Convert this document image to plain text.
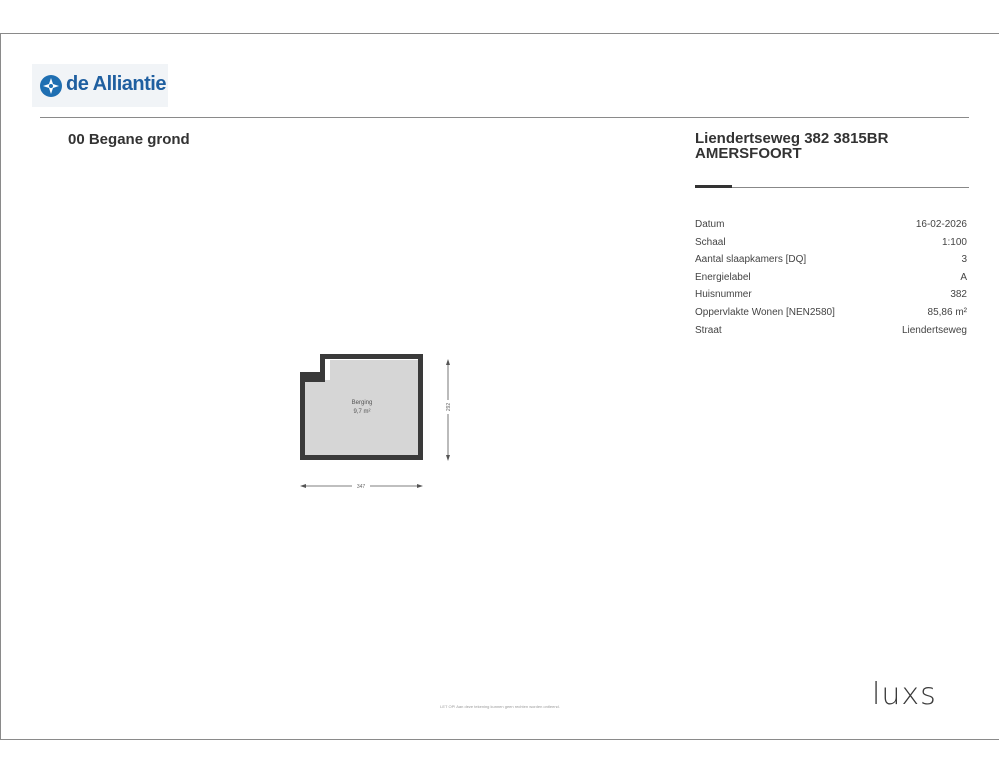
de Alliantie
00 Begane grond	Liendertseweg 382 3815BR
AMERSFOORT
Datum	16-02-2026
Schaal	1:100
Aantal slaapkamers [DQ]	3
Energielabel	A
Huisnummer	382
Oppervlakte Wonen [NEN2580]	85,86 m²
Straat	Liendertseweg
Berging
9,7 m²
292
347
LET OP! Aan deze tekening kunnen geen rechten worden ontleend.	luxs
